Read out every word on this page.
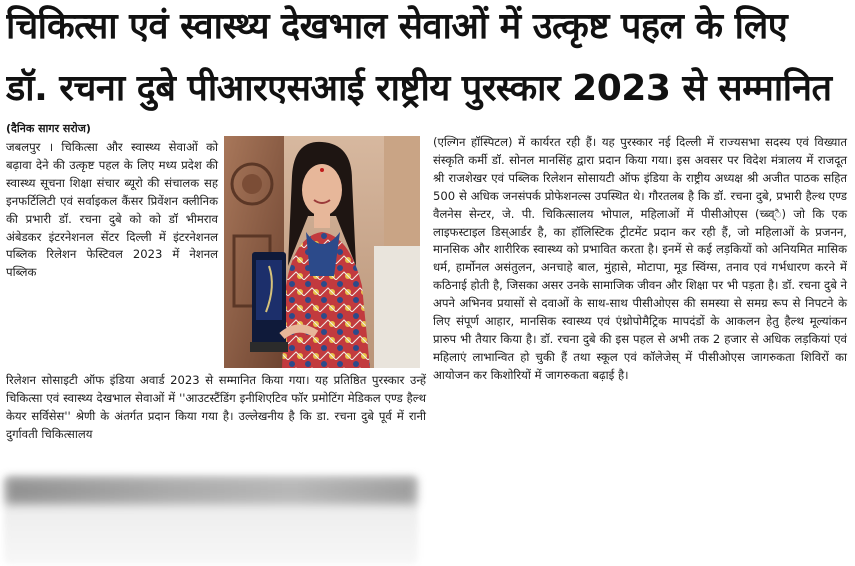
चिकित्सा एवं स्वास्थ्य देखभाल सेवाओं में उत्कृष्ट पहल के लिए
डॉ. रचना दुबे पीआरएसआई राष्ट्रीय पुरस्कार 2023 से सम्मानित
(दैनिक सागर सरोज)

जबलपुर । चिकित्सा और स्वास्थ्य सेवाओं को बढ़ावा देने की उत्कृष्ट पहल के लिए मध्य प्रदेश की स्वास्थ्य सूचना शिक्षा संचार ब्यूरो की संचालक सह इनफर्टिलिटी एवं सर्वाइकल कैंसर प्रिवेंशन क्लीनिक की प्रभारी डॉ. रचना दुबे को को डॉ भीमराव अंबेडकर इंटरनेशनल सेंटर दिल्ली में इंटरनेशनल पब्लिक रिलेशन फेस्टिवल 2023 में नेशनल पब्लिक

रिलेशन सोसाइटी ऑफ इंडिया अवार्ड 2023 से सम्मानित किया गया। यह प्रतिष्ठित पुरस्कार उन्हें चिकित्सा एवं स्वास्थ्य देखभाल सेवाओं में ''आउटस्टैंडिंग इनीशिएटिव फॉर प्रमोटिंग मेडिकल एण्ड हैल्थ केयर सर्विसेस'' श्रेणी के अंतर्गत प्रदान किया गया है। उल्लेखनीय है कि डा. रचना दुबे पूर्व में रानी दुर्गावती चिकित्सालय

(एल्गिन हॉस्पिटल) में कार्यरत रही हैं। यह पुरस्कार नई दिल्ली में राज्यसभा सदस्य एवं विख्यात संस्कृति कर्मी डॉ. सोनल मानसिंह द्वारा प्रदान किया गया। इस अवसर पर विदेश मंत्रालय में राजदूत श्री राजशेखर एवं पब्लिक रिलेशन सोसायटी ऑफ इंडिया के राष्ट्रीय अध्यक्ष श्री अजीत पाठक सहित 500 से अधिक जनसंपर्क प्रोफेशनल्स उपस्थित थे। गौरतलब है कि डॉ. रचना दुबे, प्रभारी हैल्थ एण्ड वैलनेस सेन्टर, जे. पी. चिकित्सालय भोपाल, महिलाओं में पीसीओएस (च्ब्व्ै) जो कि एक लाइफस्टाइल डिस्आर्डर है, का हॉलिस्टिक ट्रीटमेंट प्रदान कर रही हैं, जो महिलाओं के प्रजनन, मानसिक और शारीरिक स्वास्थ्य को प्रभावित करता है। इनमें से कई लड़कियों को अनियमित मासिक धर्म, हार्मोनल असंतुलन, अनचाहे बाल, मुंहासे, मोटापा, मूड स्विंग्स, तनाव एवं गर्भधारण करने में कठिनाई होती है, जिसका असर उनके सामाजिक जीवन और शिक्षा पर भी पड़ता है। डॉ. रचना दुबे ने अपने अभिनव प्रयासों से दवाओं के साथ-साथ पीसीओएस की समस्या से समग्र रूप से निपटने के लिए संपूर्ण आहार, मानसिक स्वास्थ्य एवं एंथ्रोपोमैट्रिक मापदंडों के आकलन हेतु हैल्थ मूल्यांकन प्रारुप भी तैयार किया है। डॉ. रचना दुबे की इस पहल से अभी तक 2 हजार से अधिक लड़कियां एवं महिलाएं लाभान्वित हो चुकी हैं तथा स्कूल एवं कॉलेजेस् में पीसीओएस जागरुकता शिविरों का आयोजन कर किशोरियों में जागरुकता बढ़ाई है।
